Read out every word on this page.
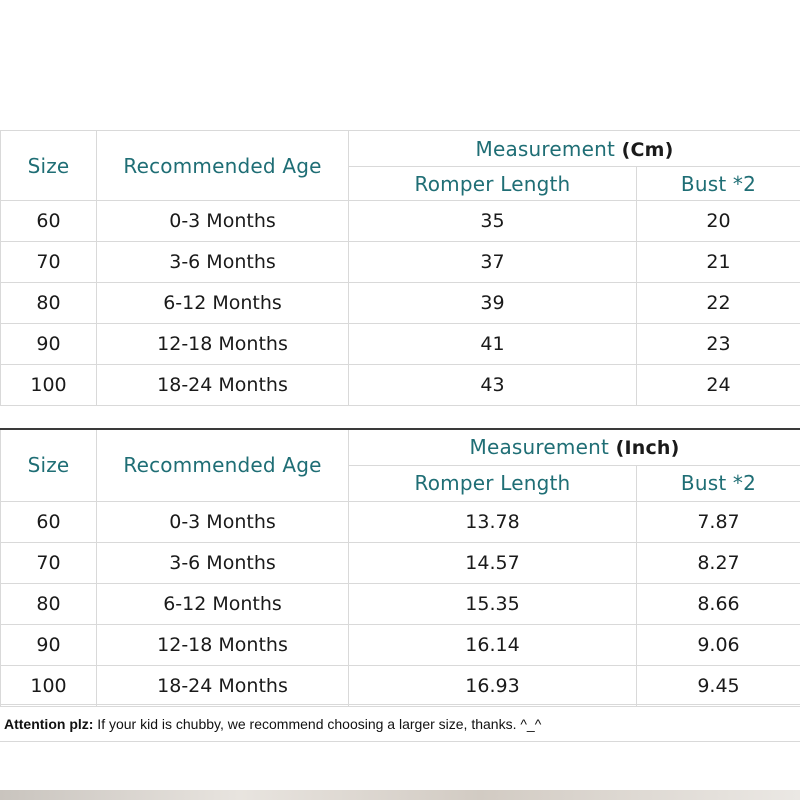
Size	Recommended Age	Measurement (Cm)	
		Romper Length	Bust *2
60	0-3 Months	35	20
70	3-6 Months	37	21
80	6-12 Months	39	22
90	12-18 Months	41	23
100	18-24 Months	43	24

Size	Recommended Age	Measurement (Inch)	
		Romper Length	Bust *2
60	0-3 Months	13.78	7.87
70	3-6 Months	14.57	8.27
80	6-12 Months	15.35	8.66
90	12-18 Months	16.14	9.06
100	18-24 Months	16.93	9.45
Attention plz: If your kid is chubby, we recommend choosing a larger size, thanks. ^_^
